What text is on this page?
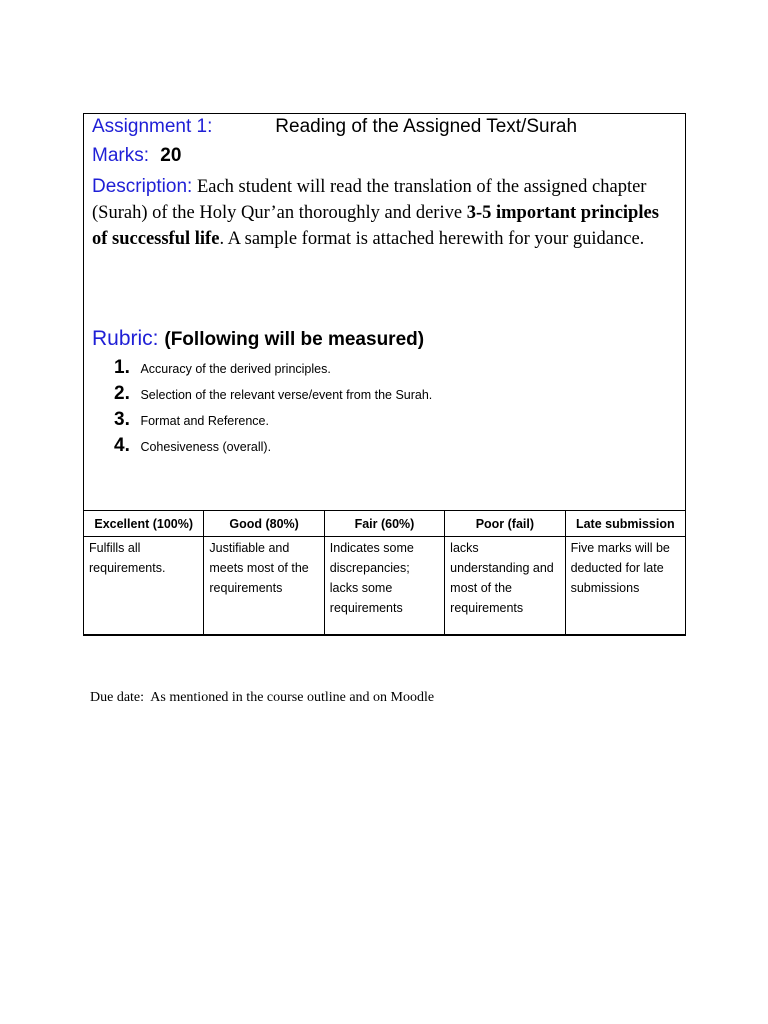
Assignment 1:	Reading of the Assigned Text/Surah
Marks: 20
Description: Each student will read the translation of the assigned chapter (Surah) of the Holy Qur’an thoroughly and derive 3-5 important principles of successful life. A sample format is attached herewith for your guidance.
Rubric: (Following will be measured)
1. Accuracy of the derived principles.
2. Selection of the relevant verse/event from the Surah.
3. Format and Reference.
4. Cohesiveness (overall).
Excellent (100%)	Good (80%)	Fair (60%)	Poor (fail)	Late submission
Fulfills all requirements.	Justifiable and meets most of the requirements	Indicates some discrepancies; lacks some requirements	lacks understanding and most of the requirements	Five marks will be deducted for late submissions
Due date:  As mentioned in the course outline and on Moodle
